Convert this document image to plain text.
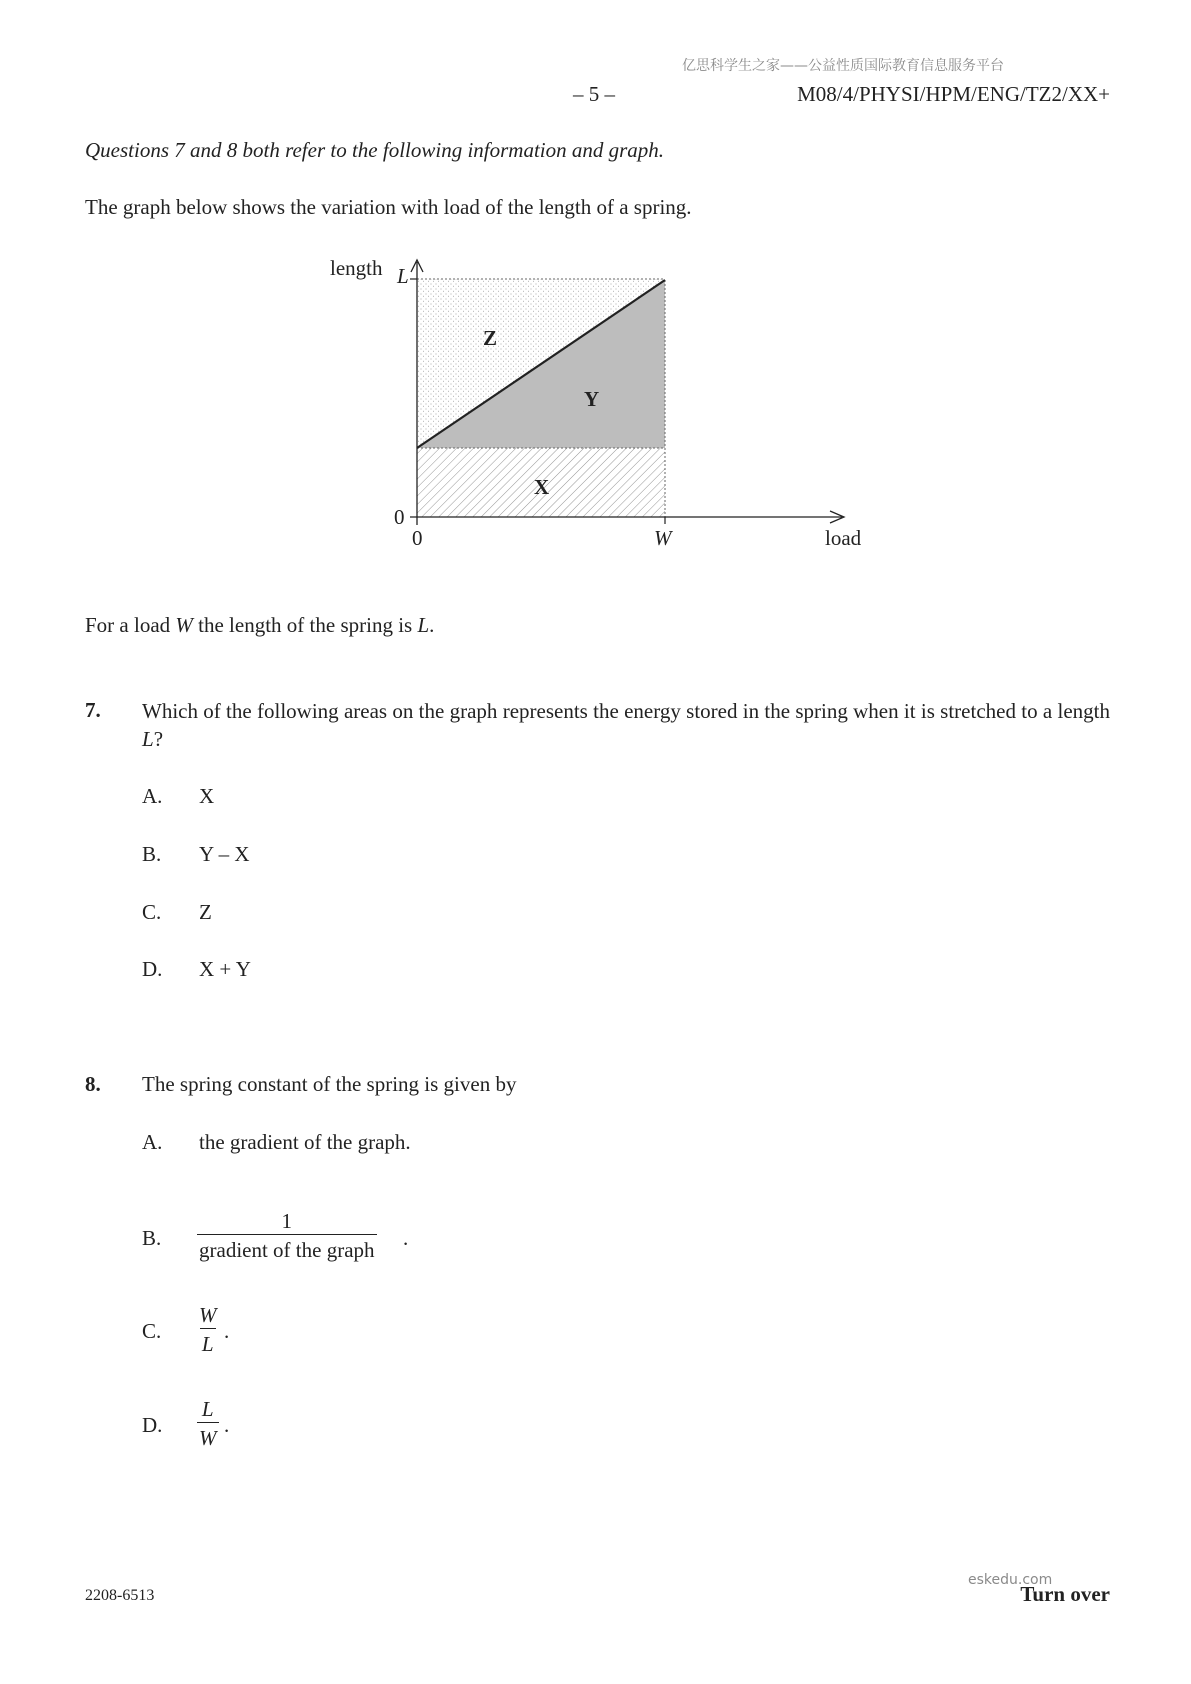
亿思科学生之家——公益性质国际教育信息服务平台
– 5 –	M08/4/PHYSI/HPM/ENG/TZ2/XX+
Questions 7 and 8 both refer to the following information and graph.
The graph below shows the variation with load of the length of a spring.
length L
0
0	W	load
Z
Y
X
For a load W the length of the spring is L.
7. Which of the following areas on the graph represents the energy stored in the spring when it is stretched to a length L?
A. X
B. Y – X
C. Z
D. X + Y
8. The spring constant of the spring is given by
A. the gradient of the graph.
B.
1
gradient of the graph .
C. $\frac{W}{L}$ .
D. $\frac{L}{W}$ .
2208-6513	Turn over
eskedu.com
